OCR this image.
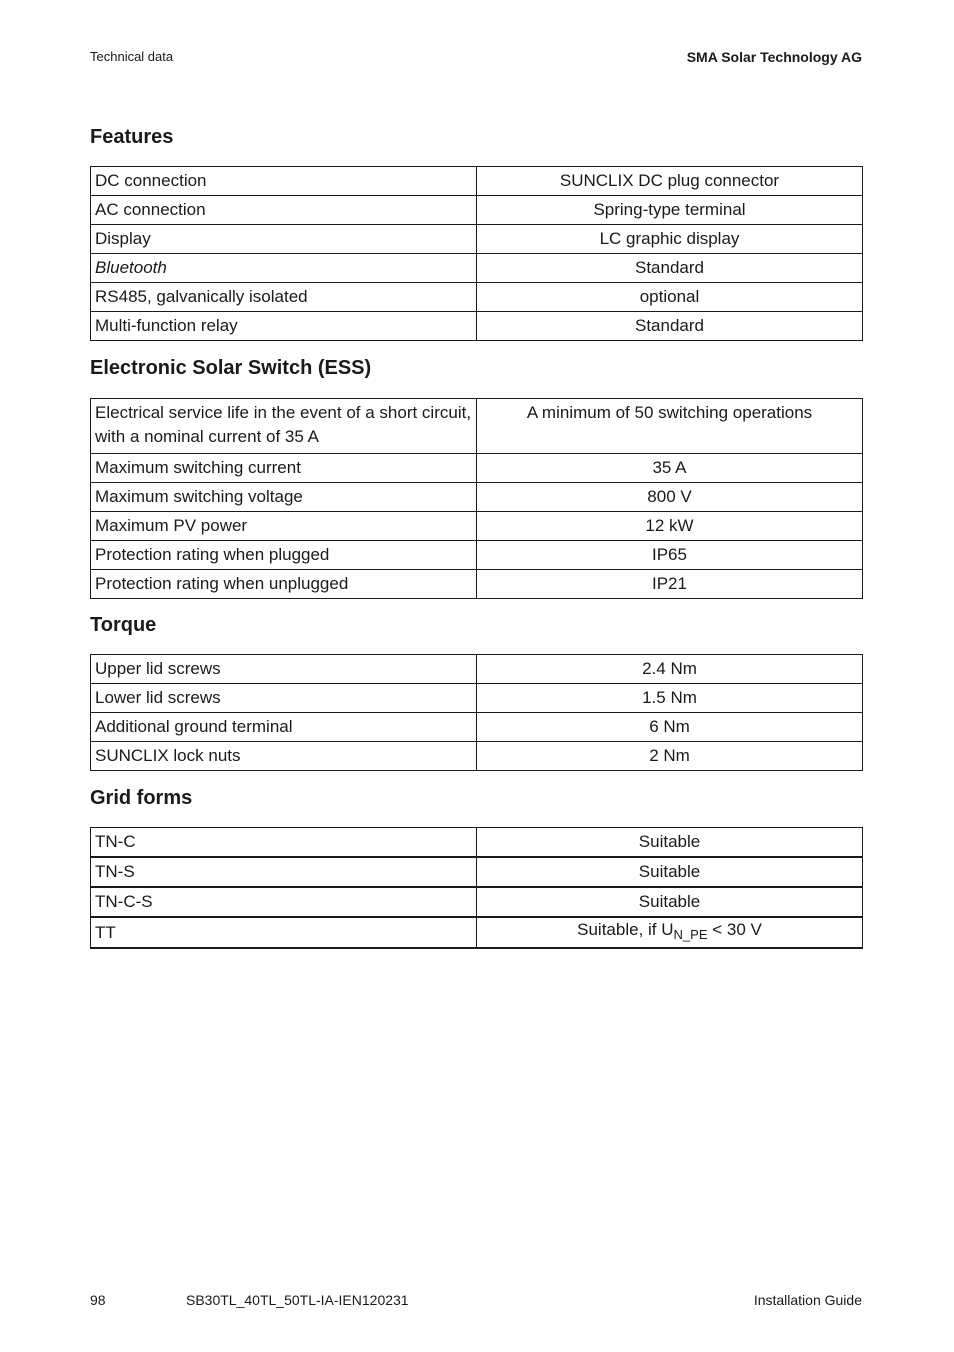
Technical data	SMA Solar Technology AG
Features
DC connection	SUNCLIX DC plug connector
AC connection	Spring-type terminal
Display	LC graphic display
Bluetooth	Standard
RS485, galvanically isolated	optional
Multi-function relay	Standard
Electronic Solar Switch (ESS)
Electrical service life in the event of a short circuit,
with a nominal current of 35 A	A minimum of 50 switching operations
Maximum switching current	35 A
Maximum switching voltage	800 V
Maximum PV power	12 kW
Protection rating when plugged	IP65
Protection rating when unplugged	IP21
Torque
Upper lid screws	2.4 Nm
Lower lid screws	1.5 Nm
Additional ground terminal	6 Nm
SUNCLIX lock nuts	2 Nm
Grid forms
TN-C	Suitable
TN-S	Suitable
TN-C-S	Suitable
TT	Suitable, if $U_{N\_PE} < 30$ V
98	SB30TL_40TL_50TL-IA-IEN120231	Installation Guide
